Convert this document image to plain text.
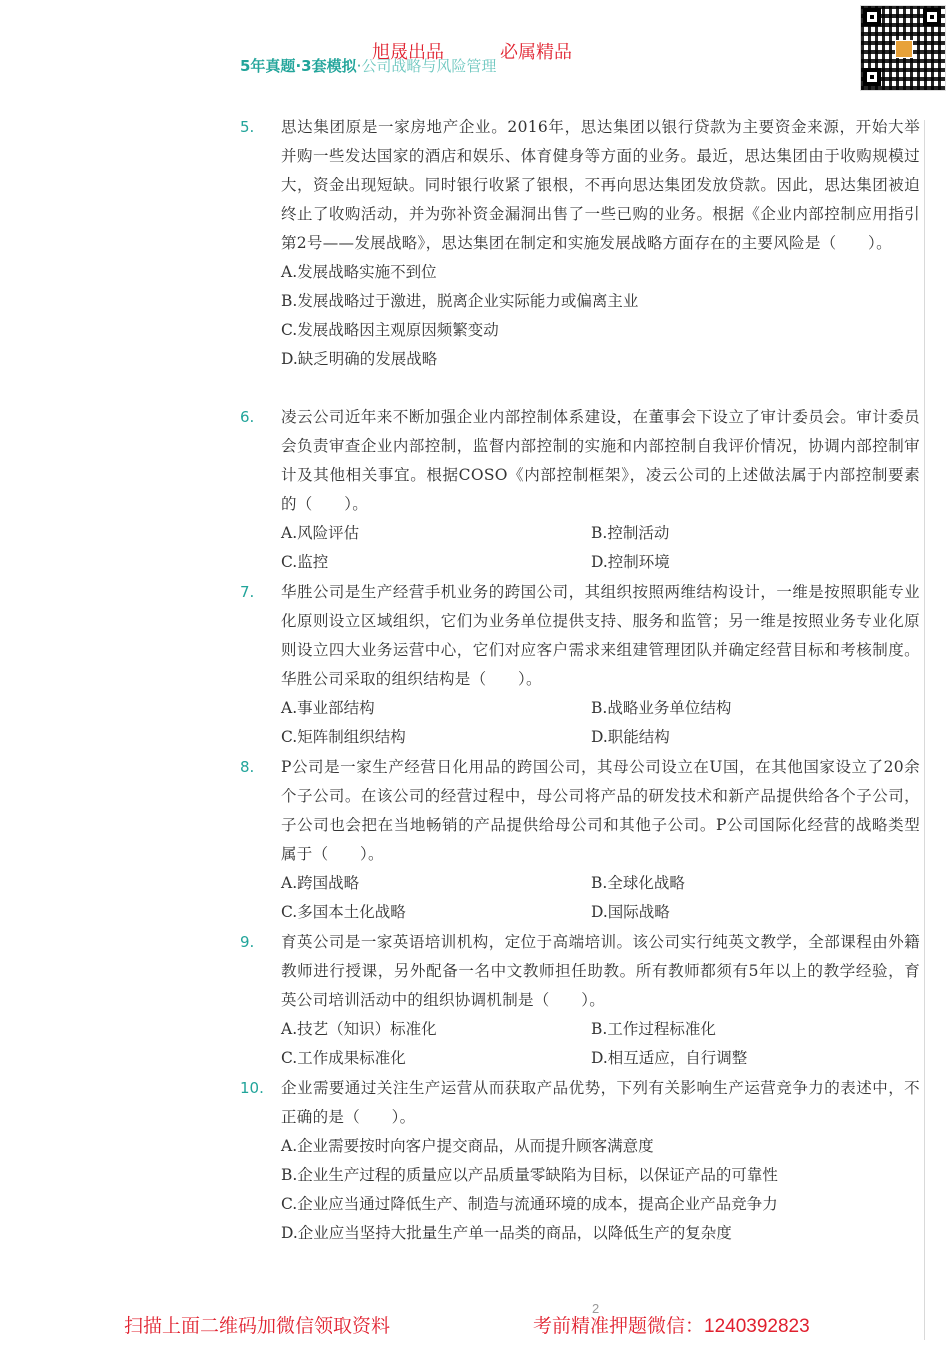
5年真题·3套模拟·公司战略与风险管理
旭晟出品	必属精品
5. 思达集团原是一家房地产企业。2016年，思达集团以银行贷款为主要资金来源，开始大举并购一些发达国家的酒店和娱乐、体育健身等方面的业务。最近，思达集团由于收购规模过大，资金出现短缺。同时银行收紧了银根，不再向思达集团发放贷款。因此，思达集团被迫终止了收购活动，并为弥补资金漏洞出售了一些已购的业务。根据《企业内部控制应用指引第2号——发展战略》，思达集团在制定和实施发展战略方面存在的主要风险是（　　）。
A.发展战略实施不到位
B.发展战略过于激进，脱离企业实际能力或偏离主业
C.发展战略因主观原因频繁变动
D.缺乏明确的发展战略
6. 凌云公司近年来不断加强企业内部控制体系建设，在董事会下设立了审计委员会。审计委员会负责审查企业内部控制，监督内部控制的实施和内部控制自我评价情况，协调内部控制审计及其他相关事宜。根据COSO《内部控制框架》，凌云公司的上述做法属于内部控制要素的（　　）。
A.风险评估	B.控制活动
C.监控	D.控制环境
7. 华胜公司是生产经营手机业务的跨国公司，其组织按照两维结构设计，一维是按照职能专业化原则设立区域组织，它们为业务单位提供支持、服务和监管；另一维是按照业务专业化原则设立四大业务运营中心，它们对应客户需求来组建管理团队并确定经营目标和考核制度。华胜公司采取的组织结构是（　　）。
A.事业部结构	B.战略业务单位结构
C.矩阵制组织结构	D.职能结构
8. P公司是一家生产经营日化用品的跨国公司，其母公司设立在U国，在其他国家设立了20余个子公司。在该公司的经营过程中，母公司将产品的研发技术和新产品提供给各个子公司，子公司也会把在当地畅销的产品提供给母公司和其他子公司。P公司国际化经营的战略类型属于（　　）。
A.跨国战略	B.全球化战略
C.多国本土化战略	D.国际战略
9. 育英公司是一家英语培训机构，定位于高端培训。该公司实行纯英文教学，全部课程由外籍教师进行授课，另外配备一名中文教师担任助教。所有教师都须有5年以上的教学经验，育英公司培训活动中的组织协调机制是（　　）。
A.技艺（知识）标准化	B.工作过程标准化
C.工作成果标准化	D.相互适应，自行调整
10. 企业需要通过关注生产运营从而获取产品优势，下列有关影响生产运营竞争力的表述中，不正确的是（　　）。
A.企业需要按时向客户提交商品，从而提升顾客满意度
B.企业生产过程的质量应以产品质量零缺陷为目标，以保证产品的可靠性
C.企业应当通过降低生产、制造与流通环境的成本，提高企业产品竞争力
D.企业应当坚持大批量生产单一品类的商品，以降低生产的复杂度
2
扫描上面二维码加微信领取资料	考前精准押题微信：1240392823
